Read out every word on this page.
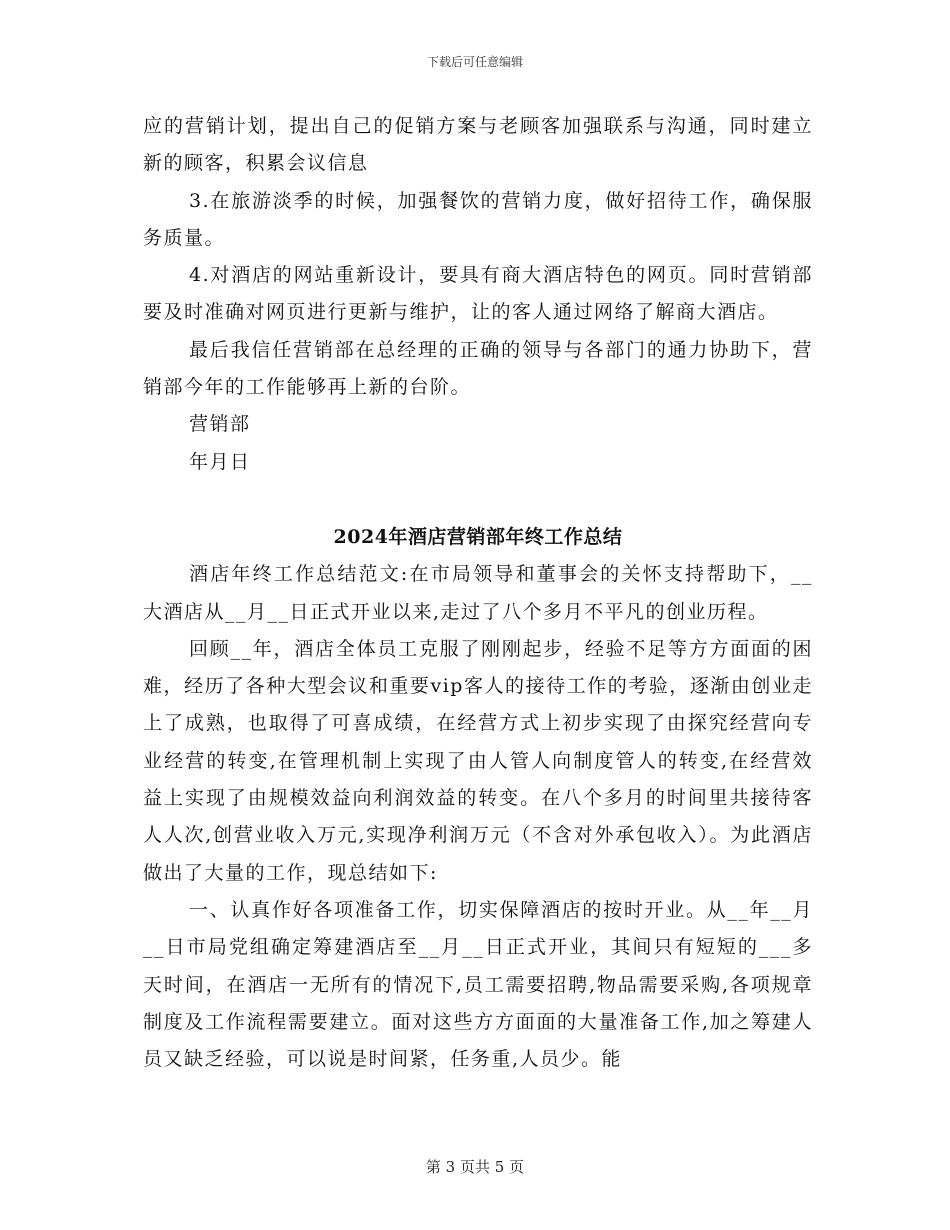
下载后可任意编辑

应的营销计划，提出自己的促销方案与老顾客加强联系与沟通，同时建立新的顾客，积累会议信息

3.在旅游淡季的时候，加强餐饮的营销力度，做好招待工作，确保服务质量。

4.对酒店的网站重新设计，要具有商大酒店特色的网页。同时营销部要及时准确对网页进行更新与维护，让的客人通过网络了解商大酒店。

最后我信任营销部在总经理的正确的领导与各部门的通力协助下，营销部今年的工作能够再上新的台阶。

营销部

年月日

2024年酒店营销部年终工作总结

酒店年终工作总结范文:在市局领导和董事会的关怀支持帮助下，__大酒店从__月__日正式开业以来,走过了八个多月不平凡的创业历程。

回顾__年，酒店全体员工克服了刚刚起步，经验不足等方方面面的困难，经历了各种大型会议和重要vip客人的接待工作的考验，逐渐由创业走上了成熟，也取得了可喜成绩，在经营方式上初步实现了由探究经营向专业经营的转变,在管理机制上实现了由人管人向制度管人的转变,在经营效益上实现了由规模效益向利润效益的转变。在八个多月的时间里共接待客人人次,创营业收入万元,实现净利润万元（不含对外承包收入）。为此酒店做出了大量的工作，现总结如下:

一、认真作好各项准备工作，切实保障酒店的按时开业。从__年__月__日市局党组确定筹建酒店至__月__日正式开业，其间只有短短的___多天时间，在酒店一无所有的情况下,员工需要招聘,物品需要采购,各项规章制度及工作流程需要建立。面对这些方方面面的大量准备工作,加之筹建人员又缺乏经验，可以说是时间紧，任务重,人员少。能

第 3 页共 5 页
